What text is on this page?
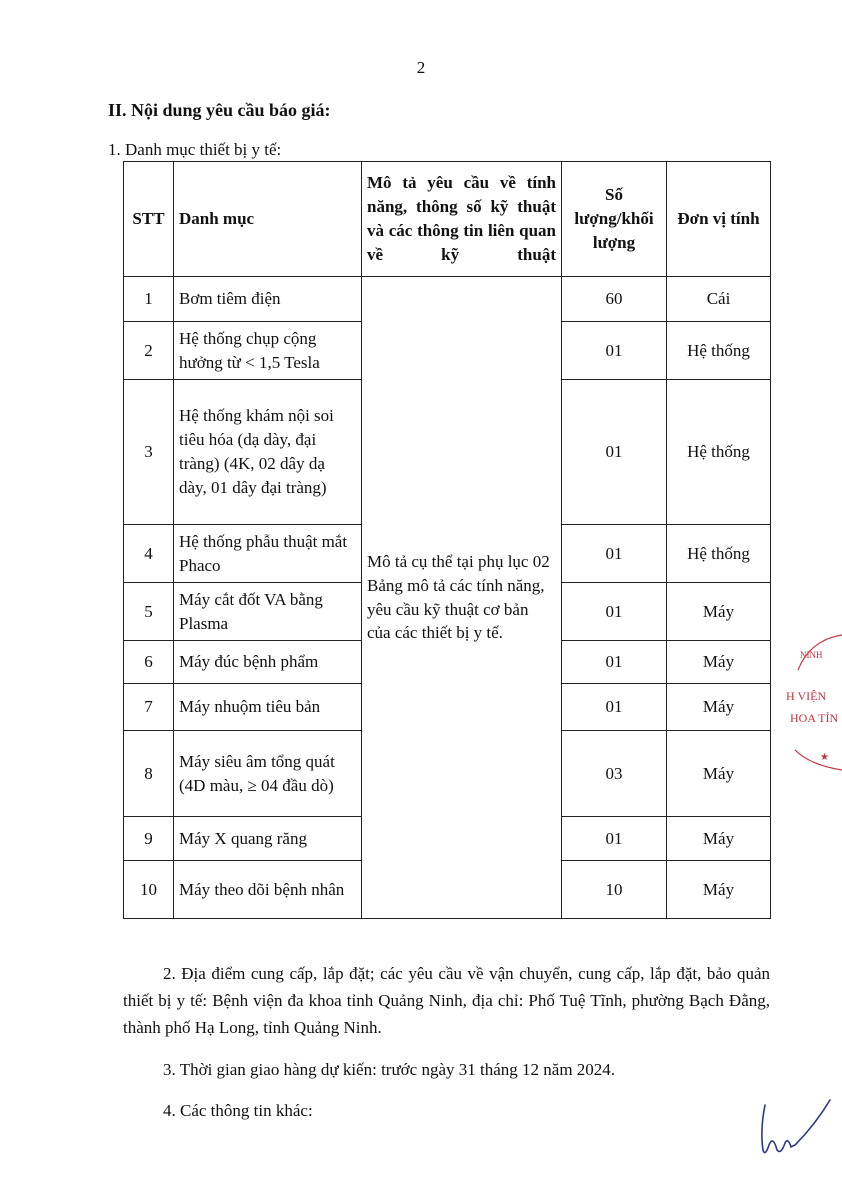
2
II. Nội dung yêu cầu báo giá:
1. Danh mục thiết bị y tế:
STT	Danh mục	Mô tả yêu cầu về tính năng, thông số kỹ thuật và các thông tin liên quan về kỹ thuật	Số lượng/khối lượng	Đơn vị tính
1	Bơm tiêm điện	Mô tả cụ thể tại phụ lục 02 Bảng mô tả các tính năng, yêu cầu kỹ thuật cơ bản của các thiết bị y tế.	60	Cái
2	Hệ thống chụp cộng hưởng từ < 1,5 Tesla		01	Hệ thống
3	Hệ thống khám nội soi tiêu hóa (dạ dày, đại tràng) (4K, 02 dây dạ dày, 01 dây đại tràng)		01	Hệ thống
4	Hệ thống phẫu thuật mắt Phaco		01	Hệ thống
5	Máy cắt đốt VA bằng Plasma		01	Máy
6	Máy đúc bệnh phẩm		01	Máy
7	Máy nhuộm tiêu bản		01	Máy
8	Máy siêu âm tổng quát (4D màu, ≥ 04 đầu dò)		03	Máy
9	Máy X quang răng		01	Máy
10	Máy theo dõi bệnh nhân		10	Máy
2. Địa điểm cung cấp, lắp đặt; các yêu cầu về vận chuyển, cung cấp, lắp đặt, bảo quản thiết bị y tế: Bệnh viện đa khoa tỉnh Quảng Ninh, địa chỉ: Phố Tuệ Tĩnh, phường Bạch Đằng, thành phố Hạ Long, tỉnh Quảng Ninh.
3. Thời gian giao hàng dự kiến: trước ngày 31 tháng 12 năm 2024.
4. Các thông tin khác:
NINH
H VIỆN
HOA TỈN
★
